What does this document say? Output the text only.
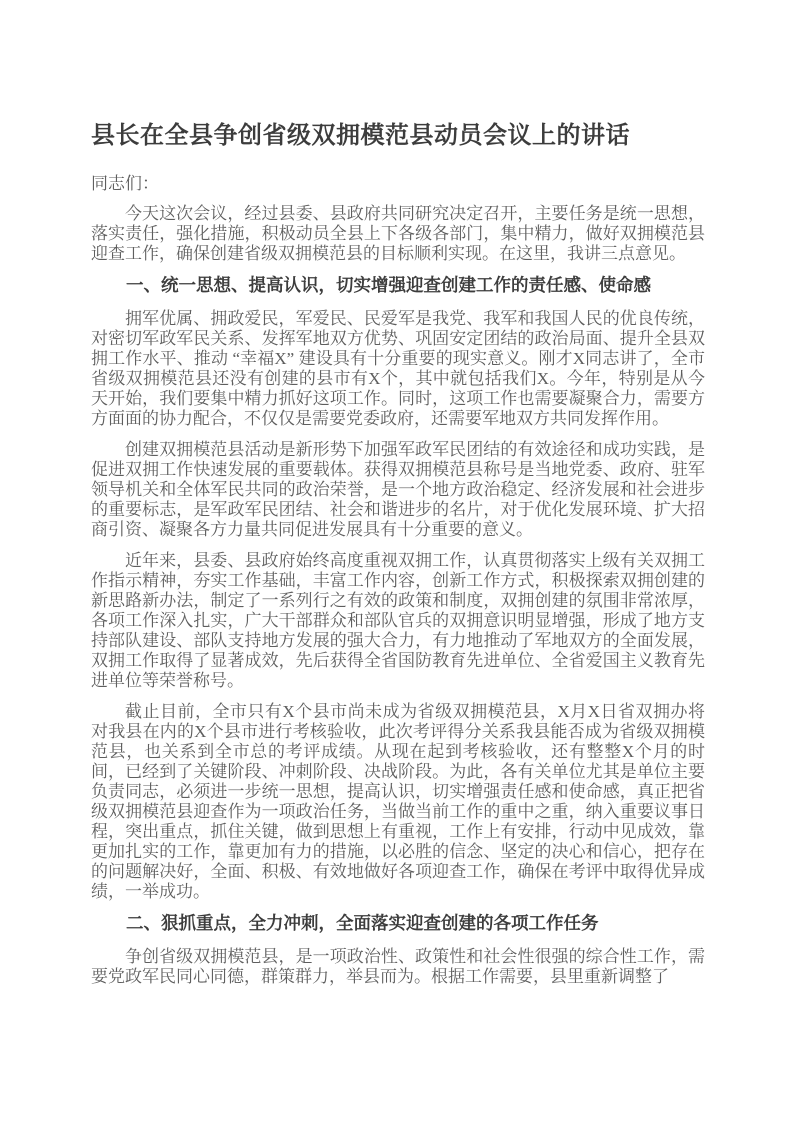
县长在全县争创省级双拥模范县动员会议上的讲话

同志们：

今天这次会议，经过县委、县政府共同研究决定召开，主要任务是统一思想，落实责任，强化措施，积极动员全县上下各级各部门，集中精力，做好双拥模范县迎查工作，确保创建省级双拥模范县的目标顺利实现。在这里，我讲三点意见。

一、统一思想、提高认识，切实增强迎查创建工作的责任感、使命感

拥军优属、拥政爱民，军爱民、民爱军是我党、我军和我国人民的优良传统，对密切军政军民关系、发挥军地双方优势、巩固安定团结的政治局面、提升全县双拥工作水平、推动 “幸福X” 建设具有十分重要的现实意义。刚才X同志讲了，全市省级双拥模范县还没有创建的县市有X个，其中就包括我们X。今年，特别是从今天开始，我们要集中精力抓好这项工作。同时，这项工作也需要凝聚合力，需要方方面面的协力配合，不仅仅是需要党委政府，还需要军地双方共同发挥作用。

创建双拥模范县活动是新形势下加强军政军民团结的有效途径和成功实践，是促进双拥工作快速发展的重要载体。获得双拥模范县称号是当地党委、政府、驻军领导机关和全体军民共同的政治荣誉，是一个地方政治稳定、经济发展和社会进步的重要标志，是军政军民团结、社会和谐进步的名片，对于优化发展环境、扩大招商引资、凝聚各方力量共同促进发展具有十分重要的意义。

近年来，县委、县政府始终高度重视双拥工作，认真贯彻落实上级有关双拥工作指示精神，夯实工作基础，丰富工作内容，创新工作方式，积极探索双拥创建的新思路新办法，制定了一系列行之有效的政策和制度，双拥创建的氛围非常浓厚，各项工作深入扎实，广大干部群众和部队官兵的双拥意识明显增强，形成了地方支持部队建设、部队支持地方发展的强大合力，有力地推动了军地双方的全面发展，双拥工作取得了显著成效，先后获得全省国防教育先进单位、全省爱国主义教育先进单位等荣誉称号。

截止目前，全市只有X个县市尚未成为省级双拥模范县，X月X日省双拥办将对我县在内的X个县市进行考核验收，此次考评得分关系我县能否成为省级双拥模范县，也关系到全市总的考评成绩。从现在起到考核验收，还有整整X个月的时间，已经到了关键阶段、冲刺阶段、决战阶段。为此，各有关单位尤其是单位主要负责同志，必须进一步统一思想，提高认识，切实增强责任感和使命感，真正把省级双拥模范县迎查作为一项政治任务，当做当前工作的重中之重，纳入重要议事日程，突出重点，抓住关键，做到思想上有重视，工作上有安排，行动中见成效，靠更加扎实的工作，靠更加有力的措施，以必胜的信念、坚定的决心和信心，把存在的问题解决好，全面、积极、有效地做好各项迎查工作，确保在考评中取得优异成绩，一举成功。

二、狠抓重点，全力冲刺，全面落实迎查创建的各项工作任务

争创省级双拥模范县，是一项政治性、政策性和社会性很强的综合性工作，需要党政军民同心同德，群策群力，举县而为。根据工作需要，县里重新调整了
